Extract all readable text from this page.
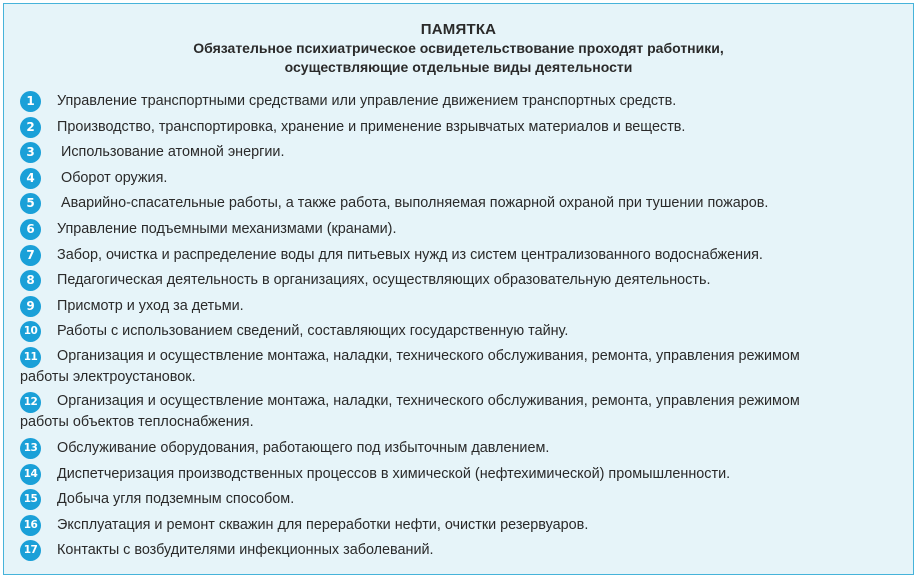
ПАМЯТКА
Обязательное психиатрическое освидетельствование проходят работники,
осуществляющие отдельные виды деятельности
1	Управление транспортными средствами или управление движением транспортных средств.
2	Производство, транспортировка, хранение и применение взрывчатых материалов и веществ.
3	Использование атомной энергии.
4	Оборот оружия.
5	Аварийно-спасательные работы, а также работа, выполняемая пожарной охраной при тушении пожаров.
6	Управление подъемными механизмами (кранами).
7	Забор, очистка и распределение воды для питьевых нужд из систем централизованного водоснабжения.
8	Педагогическая деятельность в организациях, осуществляющих образовательную деятельность.
9	Присмотр и уход за детьми.
10 Работы с использованием сведений, составляющих государственную тайну.
11 Организация и осуществление монтажа, наладки, технического обслуживания, ремонта, управления режимом
работы электроустановок.
12 Организация и осуществление монтажа, наладки, технического обслуживания, ремонта, управления режимом
работы объектов теплоснабжения.
13 Обслуживание оборудования, работающего под избыточным давлением.
14 Диспетчеризация производственных процессов в химической (нефтехимической) промышленности.
15 Добыча угля подземным способом.
16 Эксплуатация и ремонт скважин для переработки нефти, очистки резервуаров.
17 Контакты с возбудителями инфекционных заболеваний.
